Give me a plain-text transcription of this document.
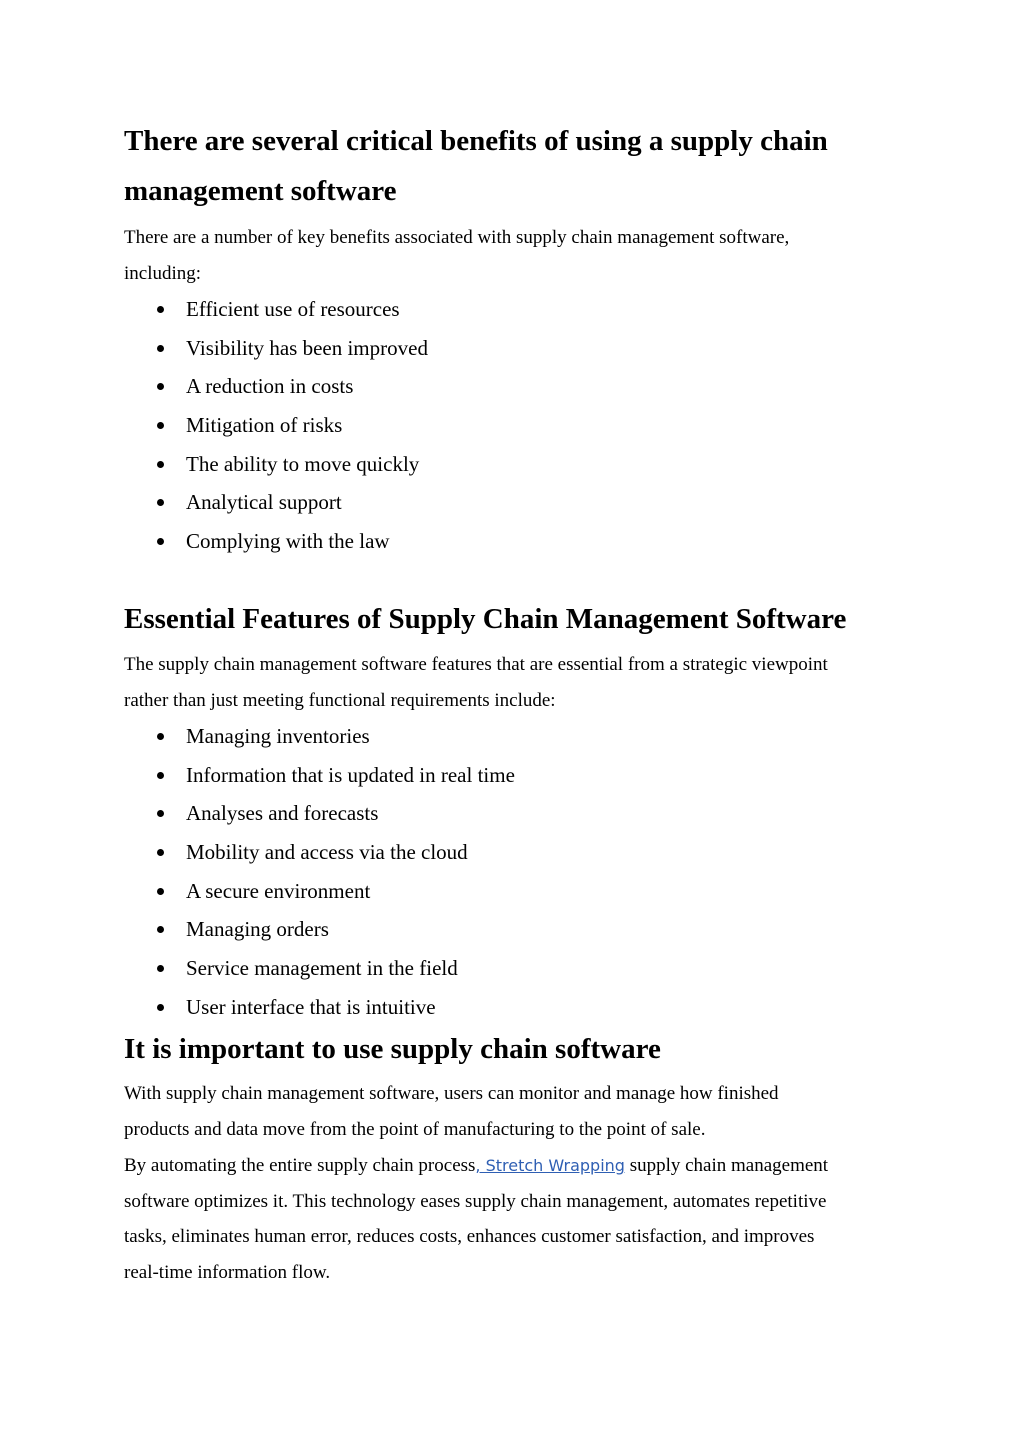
There are several critical benefits of using a supply chain
management software

There are a number of key benefits associated with supply chain management software,
including:

Efficient use of resources
Visibility has been improved
A reduction in costs
Mitigation of risks
The ability to move quickly
Analytical support
Complying with the law
Essential Features of Supply Chain Management Software

The supply chain management software features that are essential from a strategic viewpoint
rather than just meeting functional requirements include:

Managing inventories
Information that is updated in real time
Analyses and forecasts
Mobility and access via the cloud
A secure environment
Managing orders
Service management in the field
User interface that is intuitive
It is important to use supply chain software

With supply chain management software, users can monitor and manage how finished
products and data move from the point of manufacturing to the point of sale.

By automating the entire supply chain process, Stretch Wrapping supply chain management
software optimizes it. This technology eases supply chain management, automates repetitive
tasks, eliminates human error, reduces costs, enhances customer satisfaction, and improves
real-time information flow.
